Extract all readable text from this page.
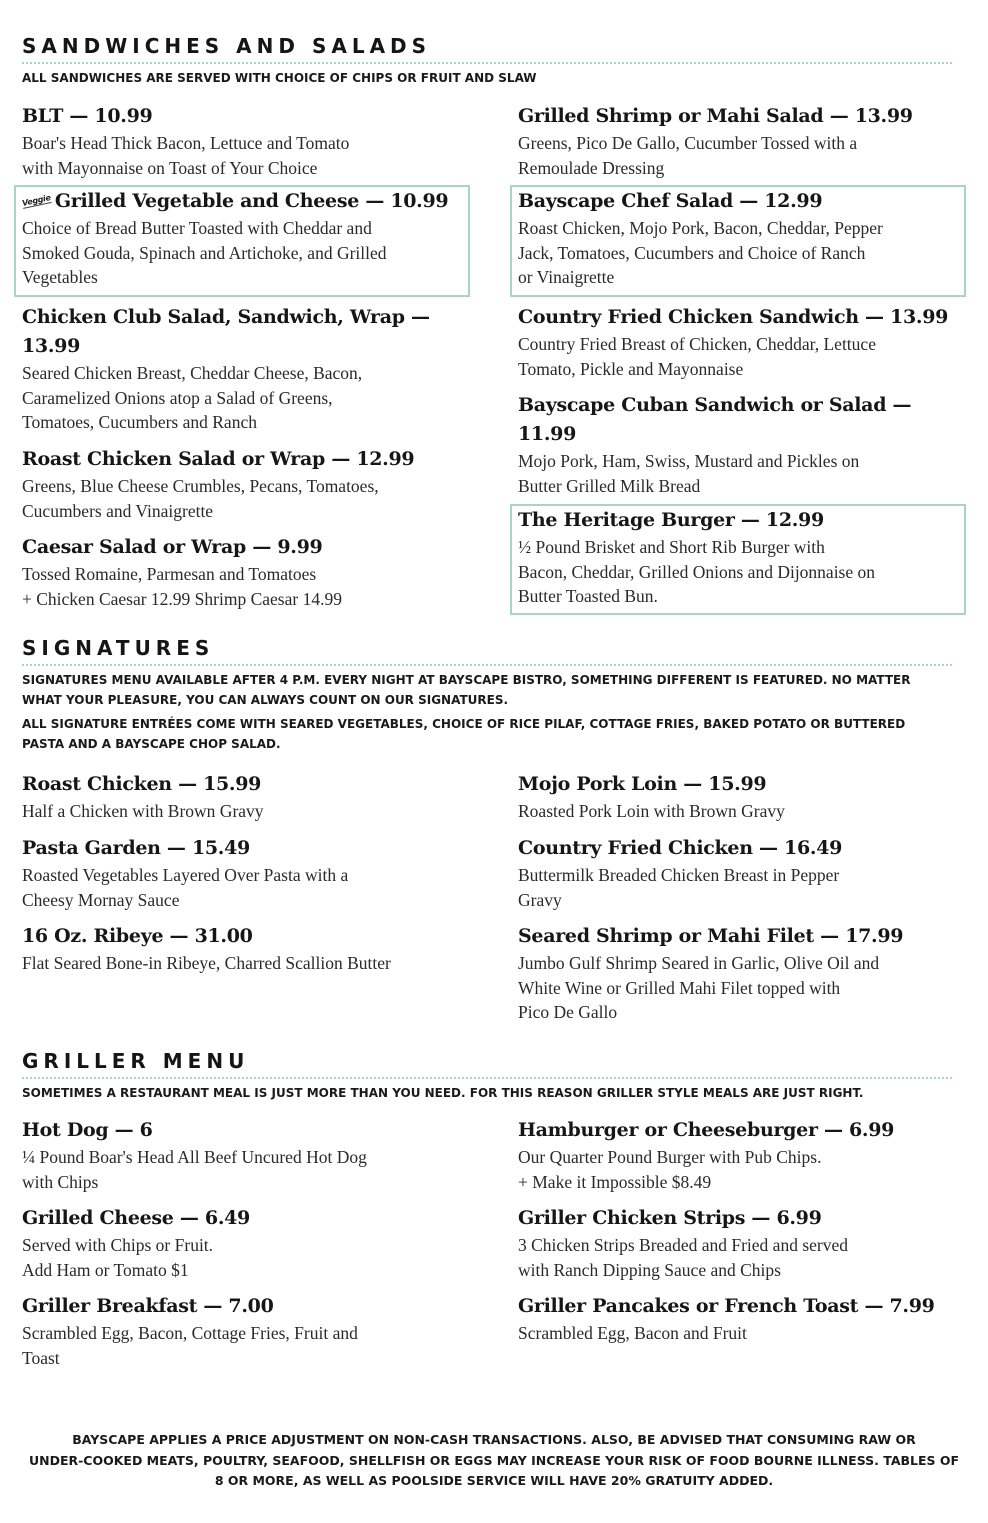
SANDWICHES AND SALADS
ALL SANDWICHES ARE SERVED WITH CHOICE OF CHIPS OR FRUIT AND SLAW
BLT — 10.99
Boar's Head Thick Bacon, Lettuce and Tomato
with Mayonnaise on Toast of Your Choice
Grilled Shrimp or Mahi Salad — 13.99
Greens, Pico De Gallo, Cucumber Tossed with a
Remoulade Dressing
Veggie Grilled Vegetable and Cheese — 10.99
Choice of Bread Butter Toasted with Cheddar and
Smoked Gouda, Spinach and Artichoke, and Grilled
Vegetables
Bayscape Chef Salad — 12.99
Roast Chicken, Mojo Pork, Bacon, Cheddar, Pepper
Jack, Tomatoes, Cucumbers and Choice of Ranch
or Vinaigrette
Chicken Club Salad, Sandwich, Wrap —
13.99
Seared Chicken Breast, Cheddar Cheese, Bacon,
Caramelized Onions atop a Salad of Greens,
Tomatoes, Cucumbers and Ranch
Country Fried Chicken Sandwich — 13.99
Country Fried Breast of Chicken, Cheddar, Lettuce
Tomato, Pickle and Mayonnaise
Roast Chicken Salad or Wrap — 12.99
Greens, Blue Cheese Crumbles, Pecans, Tomatoes,
Cucumbers and Vinaigrette
Bayscape Cuban Sandwich or Salad —
11.99
Mojo Pork, Ham, Swiss, Mustard and Pickles on
Butter Grilled Milk Bread
Caesar Salad or Wrap — 9.99
Tossed Romaine, Parmesan and Tomatoes
+ Chicken Caesar 12.99 Shrimp Caesar 14.99
The Heritage Burger — 12.99
½ Pound Brisket and Short Rib Burger with
Bacon, Cheddar, Grilled Onions and Dijonnaise on
Butter Toasted Bun.
SIGNATURES
SIGNATURES MENU AVAILABLE AFTER 4 P.M. EVERY NIGHT AT BAYSCAPE BISTRO, SOMETHING DIFFERENT IS FEATURED. NO MATTER WHAT YOUR PLEASURE, YOU CAN ALWAYS COUNT ON OUR SIGNATURES.
ALL SIGNATURE ENTRÉES COME WITH SEARED VEGETABLES, CHOICE OF RICE PILAF, COTTAGE FRIES, BAKED POTATO OR BUTTERED PASTA AND A BAYSCAPE CHOP SALAD.
Roast Chicken — 15.99
Half a Chicken with Brown Gravy
Mojo Pork Loin — 15.99
Roasted Pork Loin with Brown Gravy
Pasta Garden — 15.49
Roasted Vegetables Layered Over Pasta with a
Cheesy Mornay Sauce
Country Fried Chicken — 16.49
Buttermilk Breaded Chicken Breast in Pepper
Gravy
16 Oz. Ribeye — 31.00
Flat Seared Bone-in Ribeye, Charred Scallion Butter
Seared Shrimp or Mahi Filet — 17.99
Jumbo Gulf Shrimp Seared in Garlic, Olive Oil and
White Wine or Grilled Mahi Filet topped with
Pico De Gallo
GRILLER MENU
SOMETIMES A RESTAURANT MEAL IS JUST MORE THAN YOU NEED. FOR THIS REASON GRILLER STYLE MEALS ARE JUST RIGHT.
Hot Dog — 6
¼ Pound Boar's Head All Beef Uncured Hot Dog
with Chips
Hamburger or Cheeseburger — 6.99
Our Quarter Pound Burger with Pub Chips.
+ Make it Impossible $8.49
Grilled Cheese — 6.49
Served with Chips or Fruit.
Add Ham or Tomato $1
Griller Chicken Strips — 6.99
3 Chicken Strips Breaded and Fried and served
with Ranch Dipping Sauce and Chips
Griller Breakfast — 7.00
Scrambled Egg, Bacon, Cottage Fries, Fruit and
Toast
Griller Pancakes or French Toast — 7.99
Scrambled Egg, Bacon and Fruit
BAYSCAPE APPLIES A PRICE ADJUSTMENT ON NON-CASH TRANSACTIONS. ALSO, BE ADVISED THAT CONSUMING RAW OR
UNDER-COOKED MEATS, POULTRY, SEAFOOD, SHELLFISH OR EGGS MAY INCREASE YOUR RISK OF FOOD BOURNE ILLNESS. TABLES OF
8 OR MORE, AS WELL AS POOLSIDE SERVICE WILL HAVE 20% GRATUITY ADDED.
